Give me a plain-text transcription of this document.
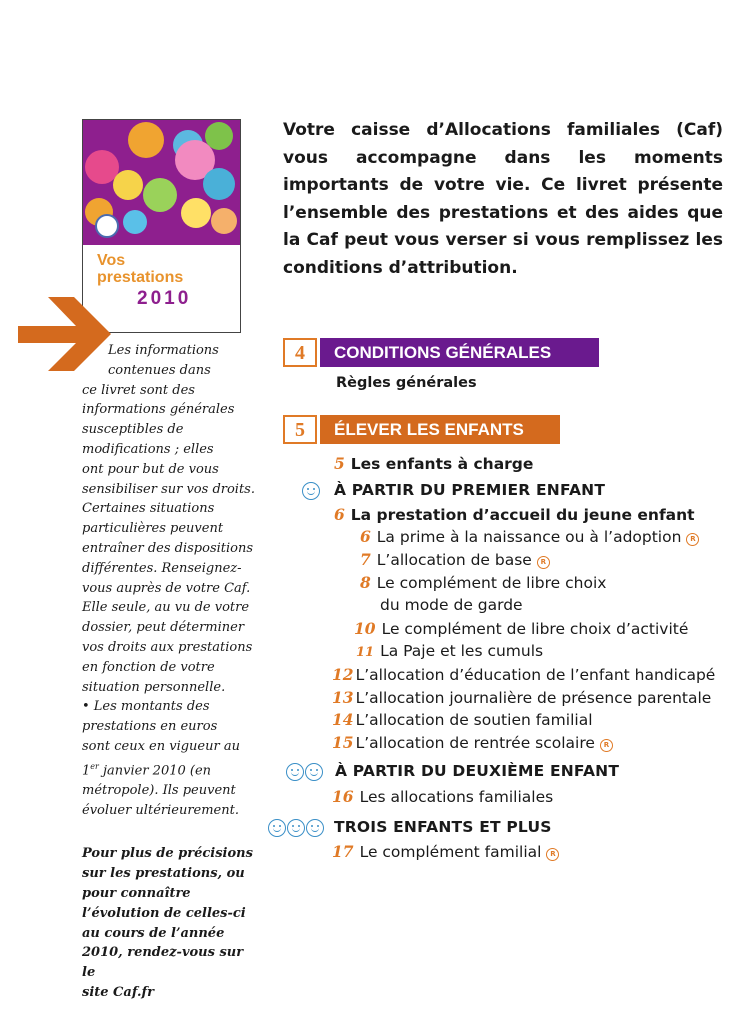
Vos
prestations
2010
Les informations
contenues dans
ce livret sont des
informations générales
susceptibles de
modifications ; elles
ont pour but de vous
sensibiliser sur vos droits.
Certaines situations
particulières peuvent
entraîner des dispositions
différentes. Renseignez-
vous auprès de votre Caf.
Elle seule, au vu de votre
dossier, peut déterminer
vos droits aux prestations
en fonction de votre
situation personnelle.
• Les montants des
prestations en euros
sont ceux en vigueur au
1er janvier 2010 (en
métropole). Ils peuvent
évoluer ultérieurement.
Pour plus de précisions
sur les prestations, ou
pour connaître
l’évolution de celles-ci
au cours de l’année
2010, rendez-vous sur le
site Caf.fr
Votre caisse d’Allocations familiales (Caf) vous accompagne dans les moments importants de votre vie. Ce livret présente l’ensemble des prestations et des aides que la Caf peut vous verser si vous remplissez les conditions d’attribution.
4	CONDITIONS GÉNÉRALES
Règles générales
5	ÉLEVER LES ENFANTS
5 Les enfants à charge
À PARTIR DU PREMIER ENFANT
6 La prestation d’accueil du jeune enfant
6 La prime à la naissance ou à l’adoption R
7 L’allocation de base R
8 Le complément de libre choix
du mode de garde
10 Le complément de libre choix d’activité
11 La Paje et les cumuls
12 L’allocation d’éducation de l’enfant handicapé
13 L’allocation journalière de présence parentale
14 L’allocation de soutien familial
15 L’allocation de rentrée scolaire R
À PARTIR DU DEUXIÈME ENFANT
16 Les allocations familiales
TROIS ENFANTS ET PLUS
17 Le complément familial R
